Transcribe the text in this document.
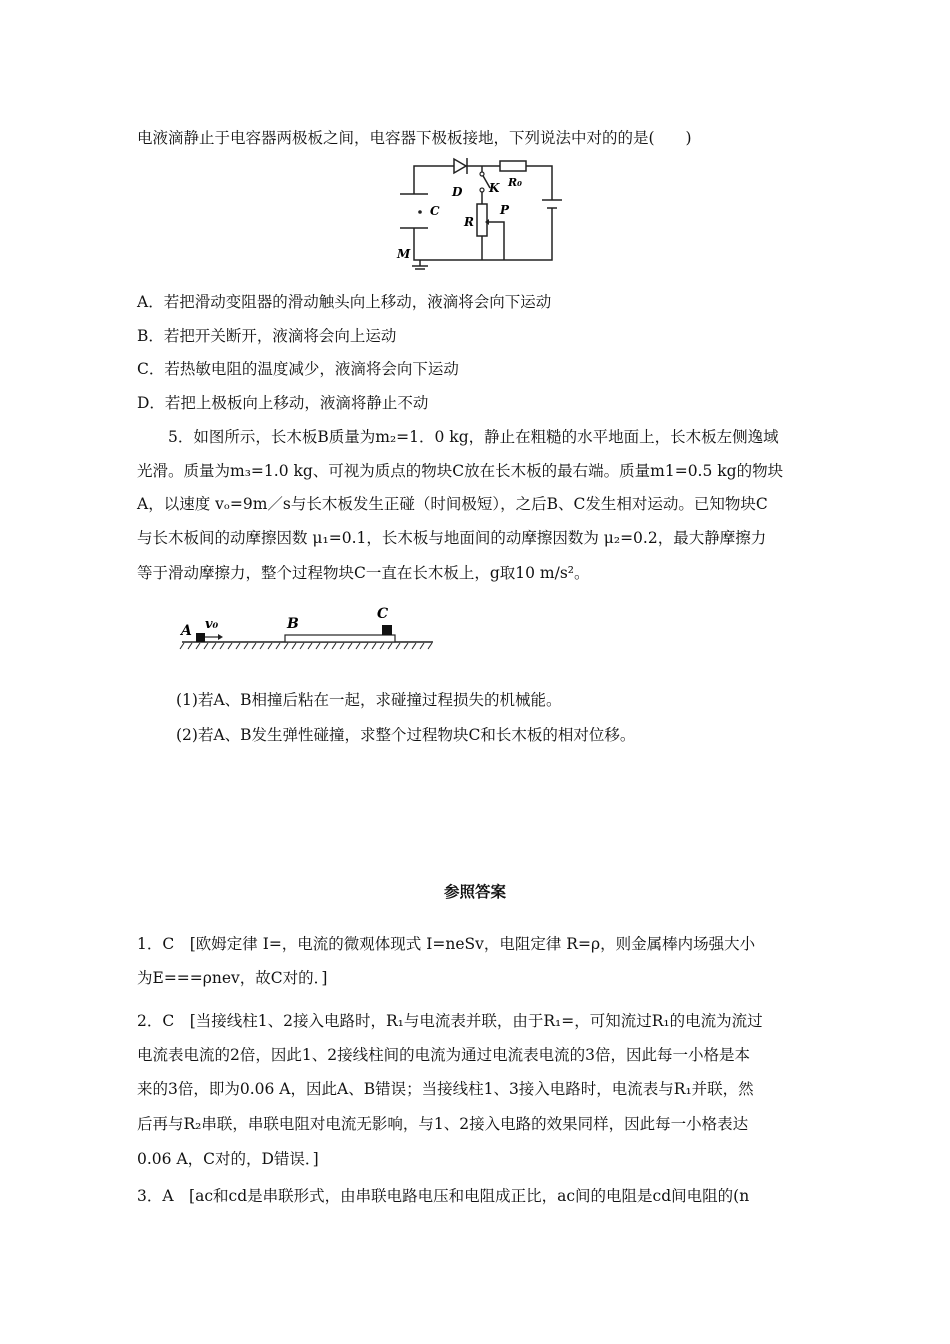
电液滴静止于电容器两极板之间，电容器下极板接地，下列说法中对的的是(　　)
D K R₀
C
R
P
M
A．若把滑动变阻器的滑动触头向上移动，液滴将会向下运动
B．若把开关断开，液滴将会向上运动
C．若热敏电阻的温度减少，液滴将会向下运动
D．若把上极板向上移动，液滴将静止不动
5．如图所示，长木板B质量为m₂=1．0 kg，静止在粗糙的水平地面上，长木板左侧逸域
光滑。质量为m₃=1.0 kg、可视为质点的物块C放在长木板的最右端。质量m1=0.5 kg的物块
A，以速度 vₒ=9m／s与长木板发生正碰（时间极短），之后B、C发生相对运动。已知物块C
与长木板间的动摩擦因数 μ₁=0.1，长木板与地面间的动摩擦因数为 μ₂=0.2，最大静摩擦力
等于滑动摩擦力，整个过程物块C一直在长木板上，g取10 m/s²。
A v₀	B
C
(1)若A、B相撞后粘在一起，求碰撞过程损失的机械能。
(2)若A、B发生弹性碰撞，求整个过程物块C和长木板的相对位移。
参照答案
1．C　[欧姆定律 I=，电流的微观体现式 I=neSv，电阻定律 R=ρ，则金属棒内场强大小
为E===ρnev，故C对的．]
2．C　[当接线柱1、2接入电路时，R₁与电流表并联，由于R₁=，可知流过R₁的电流为流过
电流表电流的2倍，因此1、2接线柱间的电流为通过电流表电流的3倍，因此每一小格是本
来的3倍，即为0.06 A，因此A、B错误；当接线柱1、3接入电路时，电流表与R₁并联，然
后再与R₂串联，串联电阻对电流无影响，与1、2接入电路的效果同样，因此每一小格表达
0.06 A，C对的，D错误．]
3．A　[ac和cd是串联形式，由串联电路电压和电阻成正比，ac间的电阻是cd间电阻的(n
